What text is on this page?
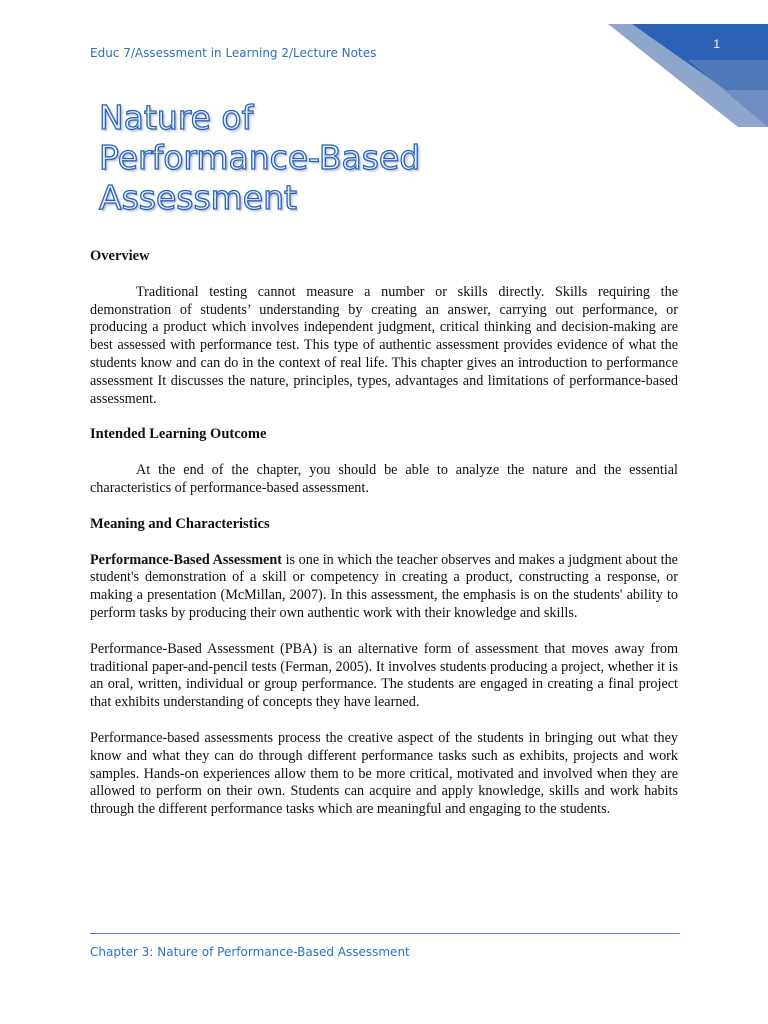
Educ 7/Assessment in Learning 2/Lecture Notes
1
Nature of
Performance-Based
Assessment
Overview

Traditional testing cannot measure a number or skills directly. Skills requiring the demonstration of students’ understanding by creating an answer, carrying out performance, or producing a product which involves independent judgment, critical thinking and decision-making are best assessed with performance test. This type of authentic assessment provides evidence of what the students know and can do in the context of real life. This chapter gives an introduction to performance assessment It discusses the nature, principles, types, advantages and limitations of performance-based assessment.

Intended Learning Outcome

At the end of the chapter, you should be able to analyze the nature and the essential characteristics of performance-based assessment.

Meaning and Characteristics

Performance-Based Assessment is one in which the teacher observes and makes a judgment about the student's demonstration of a skill or competency in creating a product, constructing a response, or making a presentation (McMillan, 2007). In this assessment, the emphasis is on the students' ability to perform tasks by producing their own authentic work with their knowledge and skills.

Performance-Based Assessment (PBA) is an alternative form of assessment that moves away from traditional paper-and-pencil tests (Ferman, 2005). It involves students producing a project, whether it is an oral, written, individual or group performance. The students are engaged in creating a final project that exhibits understanding of concepts they have learned.

Performance-based assessments process the creative aspect of the students in bringing out what they know and what they can do through different performance tasks such as exhibits, projects and work samples. Hands-on experiences allow them to be more critical, motivated and involved when they are allowed to perform on their own. Students can acquire and apply knowledge, skills and work habits through the different performance tasks which are meaningful and engaging to the students.

Chapter 3: Nature of Performance-Based Assessment
